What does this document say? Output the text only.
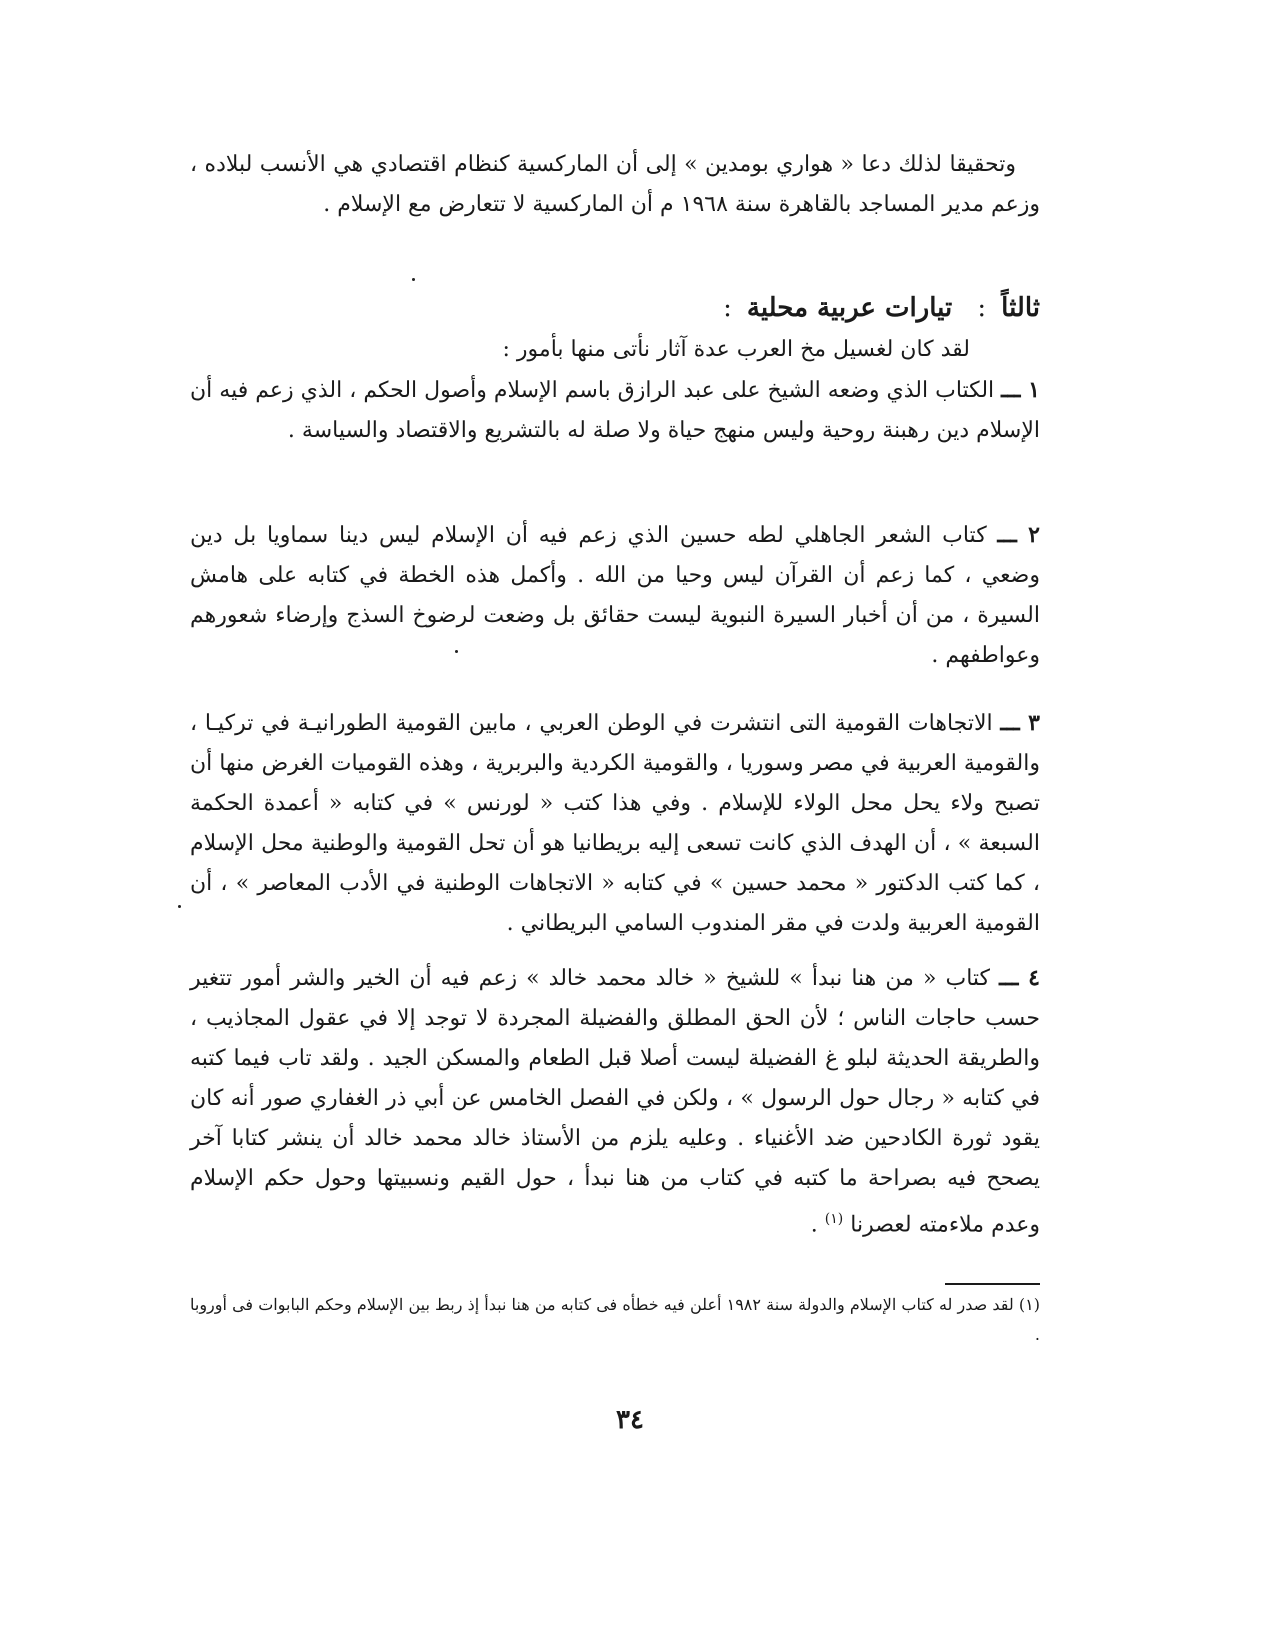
وتحقيقا لذلك دعا « هواري بومدين » إلى أن الماركسية كنظام اقتصادي هي الأنسب لبلاده ، وزعم مدير المساجد بالقاهرة سنة ١٩٦٨ م أن الماركسية لا تتعارض مع الإسلام .

ثالثاً : تيارات عربية محلية :
لقد كان لغسيل مخ العرب عدة آثار نأتى منها بأمور :

١ ـــ الكتاب الذي وضعه الشيخ على عبد الرازق باسم الإسلام وأصول الحكم ، الذي زعم فيه أن الإسلام دين رهبنة روحية وليس منهج حياة ولا صلة له بالتشريع والاقتصاد والسياسة .

٢ ـــ كتاب الشعر الجاهلي لطه حسين الذي زعم فيه أن الإسلام ليس دينا سماويا بل دين وضعي ، كما زعم أن القرآن ليس وحيا من الله . وأكمل هذه الخطة في كتابه على هامش السيرة ، من أن أخبار السيرة النبوية ليست حقائق بل وضعت لرضوخ السذج وإرضاء شعورهم وعواطفهم .

٣ ـــ الاتجاهات القومية التى انتشرت في الوطن العربي ، مابين القومية الطورانيـة في تركيـا ، والقومية العربية في مصر وسوريا ، والقومية الكردية والبربرية ، وهذه القوميات الغرض منها أن تصبح ولاء يحل محل الولاء للإسلام . وفي هذا كتب « لورنس » في كتابه « أعمدة الحكمة السبعة » ، أن الهدف الذي كانت تسعى إليه بريطانيا هو أن تحل القومية والوطنية محل الإسلام ، كما كتب الدكتور « محمد حسين » في كتابه « الاتجاهات الوطنية في الأدب المعاصر » ، أن القومية العربية ولدت في مقر المندوب السامي البريطاني .

٤ ـــ كتاب « من هنا نبدأ » للشيخ « خالد محمد خالد » زعم فيه أن الخير والشر أمور تتغير حسب حاجات الناس ؛ لأن الحق المطلق والفضيلة المجردة لا توجد إلا في عقول المجاذيب ، والطريقة الحديثة لبلو غ الفضيلة ليست أصلا قبل الطعام والمسكن الجيد . ولقد تاب فيما كتبه في كتابه « رجال حول الرسول » ، ولكن في الفصل الخامس عن أبي ذر الغفاري صور أنه كان يقود ثورة الكادحين ضد الأغنياء . وعليه يلزم من الأستاذ خالد محمد خالد أن ينشر كتابا آخر يصحح فيه بصراحة ما كتبه في كتاب من هنا نبدأ ، حول القيم ونسبيتها وحول حكم الإسلام وعدم ملاءمته لعصرنا $^{(١)}$ .

(١) لقد صدر له كتاب الإسلام والدولة سنة ١٩٨٢ أعلن فيه خطأه فى كتابه من هنا نبدأ إذ ربط بين الإسلام وحكم البابوات فى أوروبا .
٣٤
